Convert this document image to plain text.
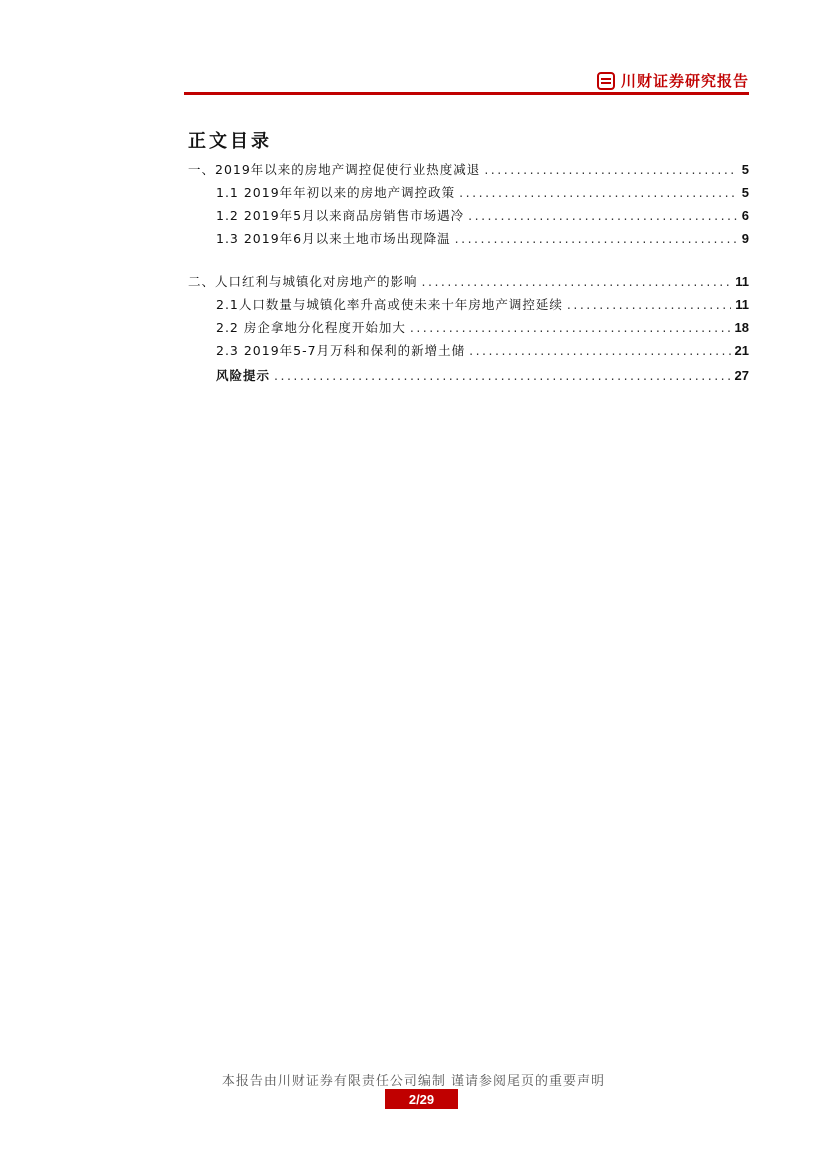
川财证券研究报告
正文目录
一、2019年以来的房地产调控促使行业热度减退 .....	5
1.1 2019年年初以来的房地产调控政策 .....	5
1.2 2019年5月以来商品房销售市场遇冷 .....	6
1.3 2019年6月以来土地市场出现降温 .....	9
二、人口红利与城镇化对房地产的影响 .....	11
2.1人口数量与城镇化率升高或使未来十年房地产调控延续 .....	11
2.2 房企拿地分化程度开始加大 .....	18
2.3 2019年5-7月万科和保利的新增土储 .....	21
风险提示 .....	27
本报告由川财证券有限责任公司编制 谨请参阅尾页的重要声明
2/29
